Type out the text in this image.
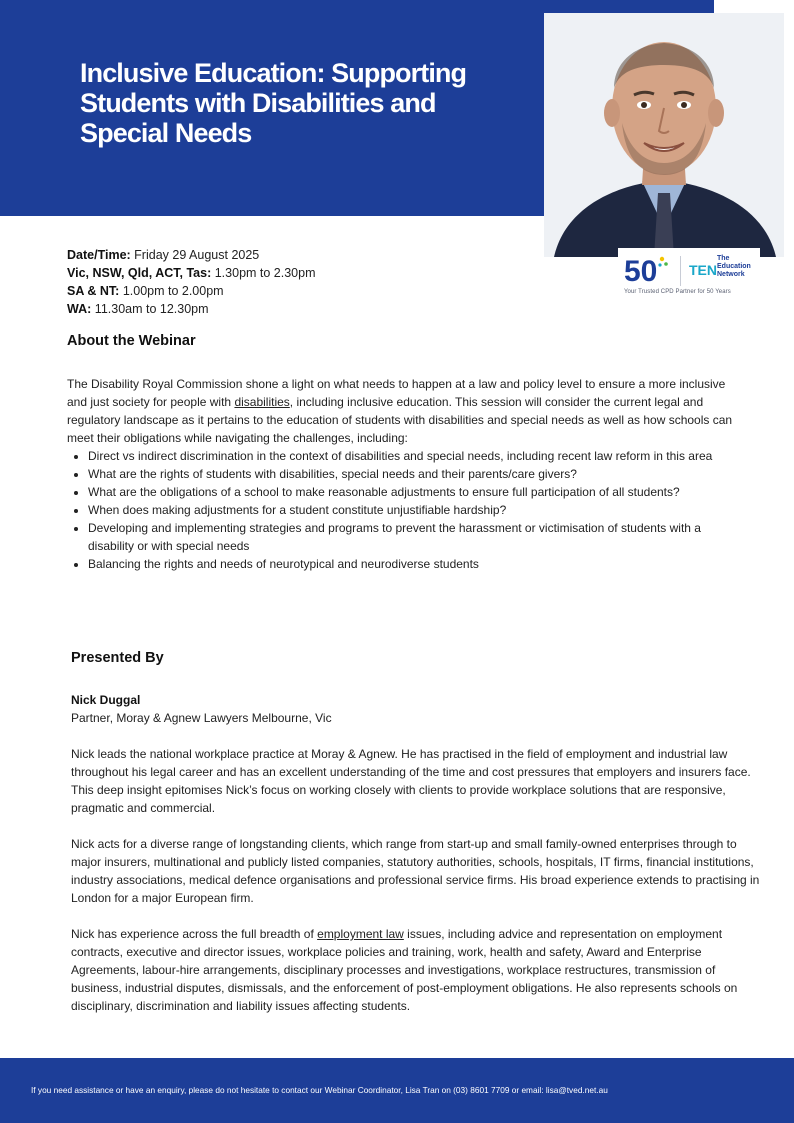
Inclusive Education: Supporting Students with Disabilities and Special Needs
50 TEN
The Education Network
Your Trusted CPD Partner for 50 Years
Date/Time: Friday 29 August 2025
Vic, NSW, Qld, ACT, Tas: 1.30pm to 2.30pm
SA & NT: 1.00pm to 2.00pm
WA: 11.30am to 12.30pm
About the Webinar

The Disability Royal Commission shone a light on what needs to happen at a law and policy level to ensure a more inclusive and just society for people with disabilities, including inclusive education. This session will consider the current legal and regulatory landscape as it pertains to the education of students with disabilities and special needs as well as how schools can meet their obligations while navigating the challenges, including:

• Direct vs indirect discrimination in the context of disabilities and special needs, including recent law reform in this area
• What are the rights of students with disabilities, special needs and their parents/care givers?
• What are the obligations of a school to make reasonable adjustments to ensure full participation of all students?
• When does making adjustments for a student constitute unjustifiable hardship?
• Developing and implementing strategies and programs to prevent the harassment or victimisation of students with a disability or with special needs
• Balancing the rights and needs of neurotypical and neurodiverse students
Presented By

Nick Duggal

Partner, Moray & Agnew Lawyers Melbourne, Vic

Nick leads the national workplace practice at Moray & Agnew. He has practised in the field of employment and industrial law throughout his legal career and has an excellent understanding of the time and cost pressures that employers and insurers face. This deep insight epitomises Nick’s focus on working closely with clients to provide workplace solutions that are responsive, pragmatic and commercial.

Nick acts for a diverse range of longstanding clients, which range from start-up and small family-owned enterprises through to major insurers, multinational and publicly listed companies, statutory authorities, schools, hospitals, IT firms, financial institutions, industry associations, medical defence organisations and professional service firms. His broad experience extends to practising in London for a major European firm.

Nick has experience across the full breadth of employment law issues, including advice and representation on employment contracts, executive and director issues, workplace policies and training, work, health and safety, Award and Enterprise Agreements, labour-hire arrangements, disciplinary processes and investigations, workplace restructures, transmission of business, industrial disputes, dismissals, and the enforcement of post-employment obligations. He also represents schools on disciplinary, discrimination and liability issues affecting students.

If you need assistance or have an enquiry, please do not hesitate to contact our Webinar Coordinator, Lisa Tran on (03) 8601 7709 or email: lisa@tved.net.au
